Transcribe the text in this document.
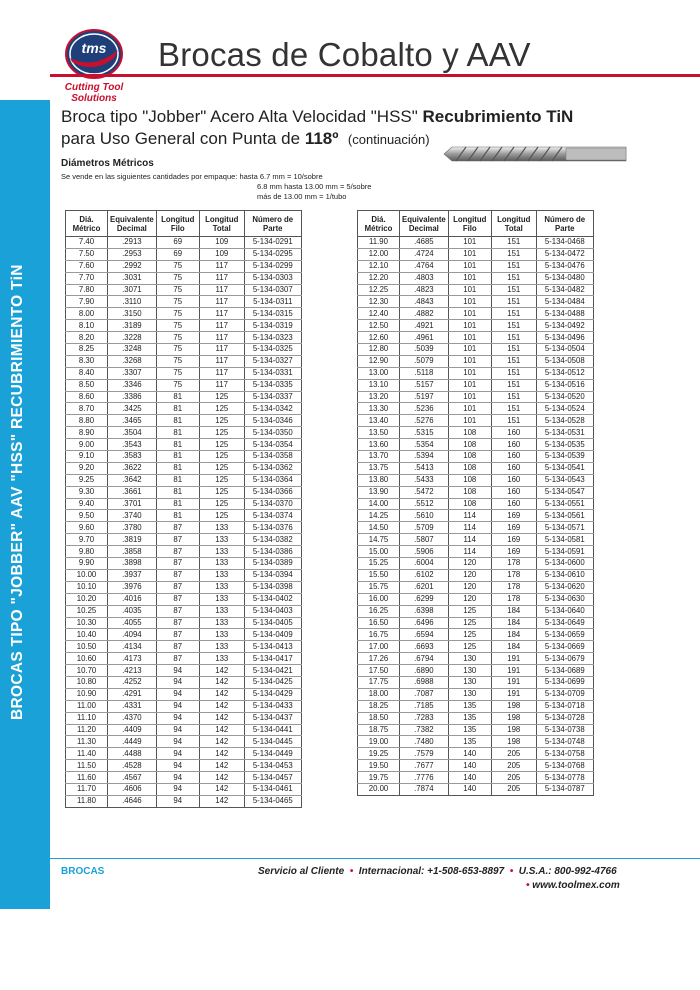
tms
Cutting Tool Solutions
Brocas de Cobalto y AAV
BROCAS TIPO "JOBBER" AAV "HSS" RECUBRIMIENTO TiN
28
Broca tipo "Jobber" Acero Alta Velocidad "HSS" Recubrimiento TiN
para Uso General con Punta de 118º (continuación)
Diámetros Métricos
Se vende en las siguientes cantidades por empaque: hasta 6.7 mm = 10/sobre
6.8 mm hasta 13.00 mm = 5/sobre
más de 13.00 mm = 1/tubo
Diá. Métrico	Equivalente Decimal	Longitud Filo	Longitud Total	Número de Parte
7.40	.2913	69	109	5-134-0291
7.50	.2953	69	109	5-134-0295
7.60	.2992	75	117	5-134-0299
7.70	.3031	75	117	5-134-0303
7.80	.3071	75	117	5-134-0307
7.90	.3110	75	117	5-134-0311
8.00	.3150	75	117	5-134-0315
8.10	.3189	75	117	5-134-0319
8.20	.3228	75	117	5-134-0323
8.25	.3248	75	117	5-134-0325
8.30	.3268	75	117	5-134-0327
8.40	.3307	75	117	5-134-0331
8.50	.3346	75	117	5-134-0335
8.60	.3386	81	125	5-134-0337
8.70	.3425	81	125	5-134-0342
8.80	.3465	81	125	5-134-0346
8.90	.3504	81	125	5-134-0350
9.00	.3543	81	125	5-134-0354
9.10	.3583	81	125	5-134-0358
9.20	.3622	81	125	5-134-0362
9.25	.3642	81	125	5-134-0364
9.30	.3661	81	125	5-134-0366
9.40	.3701	81	125	5-134-0370
9.50	.3740	81	125	5-134-0374
9.60	.3780	87	133	5-134-0376
9.70	.3819	87	133	5-134-0382
9.80	.3858	87	133	5-134-0386
9.90	.3898	87	133	5-134-0389
10.00	.3937	87	133	5-134-0394
10.10	.3976	87	133	5-134-0398
10.20	.4016	87	133	5-134-0402
10.25	.4035	87	133	5-134-0403
10.30	.4055	87	133	5-134-0405
10.40	.4094	87	133	5-134-0409
10.50	.4134	87	133	5-134-0413
10.60	.4173	87	133	5-134-0417
10.70	.4213	94	142	5-134-0421
10.80	.4252	94	142	5-134-0425
10.90	.4291	94	142	5-134-0429
11.00	.4331	94	142	5-134-0433
11.10	.4370	94	142	5-134-0437
11.20	.4409	94	142	5-134-0441
11.30	.4449	94	142	5-134-0445
11.40	.4488	94	142	5-134-0449
11.50	.4528	94	142	5-134-0453
11.60	.4567	94	142	5-134-0457
11.70	.4606	94	142	5-134-0461
11.80	.4646	94	142	5-134-0465
Diá. Métrico	Equivalente Decimal	Longitud Filo	Longitud Total	Número de Parte
11.90	.4685	101	151	5-134-0468
12.00	.4724	101	151	5-134-0472
12.10	.4764	101	151	5-134-0476
12.20	.4803	101	151	5-134-0480
12.25	.4823	101	151	5-134-0482
12.30	.4843	101	151	5-134-0484
12.40	.4882	101	151	5-134-0488
12.50	.4921	101	151	5-134-0492
12.60	.4961	101	151	5-134-0496
12.80	.5039	101	151	5-134-0504
12.90	.5079	101	151	5-134-0508
13.00	.5118	101	151	5-134-0512
13.10	.5157	101	151	5-134-0516
13.20	.5197	101	151	5-134-0520
13.30	.5236	101	151	5-134-0524
13.40	.5276	101	151	5-134-0528
13.50	.5315	108	160	5-134-0531
13.60	.5354	108	160	5-134-0535
13.70	.5394	108	160	5-134-0539
13.75	.5413	108	160	5-134-0541
13.80	.5433	108	160	5-134-0543
13.90	.5472	108	160	5-134-0547
14.00	.5512	108	160	5-134-0551
14.25	.5610	114	169	5-134-0561
14.50	.5709	114	169	5-134-0571
14.75	.5807	114	169	5-134-0581
15.00	.5906	114	169	5-134-0591
15.25	.6004	120	178	5-134-0600
15.50	.6102	120	178	5-134-0610
15.75	.6201	120	178	5-134-0620
16.00	.6299	120	178	5-134-0630
16.25	.6398	125	184	5-134-0640
16.50	.6496	125	184	5-134-0649
16.75	.6594	125	184	5-134-0659
17.00	.6693	125	184	5-134-0669
17.26	.6794	130	191	5-134-0679
17.50	.6890	130	191	5-134-0689
17.75	.6988	130	191	5-134-0699
18.00	.7087	130	191	5-134-0709
18.25	.7185	135	198	5-134-0718
18.50	.7283	135	198	5-134-0728
18.75	.7382	135	198	5-134-0738
19.00	.7480	135	198	5-134-0748
19.25	.7579	140	205	5-134-0758
19.50	.7677	140	205	5-134-0768
19.75	.7776	140	205	5-134-0778
20.00	.7874	140	205	5-134-0787
BROCAS	Servicio al Cliente • Internacional: +1-508-653-8897 • U.S.A.: 800-992-4766
• www.toolmex.com
